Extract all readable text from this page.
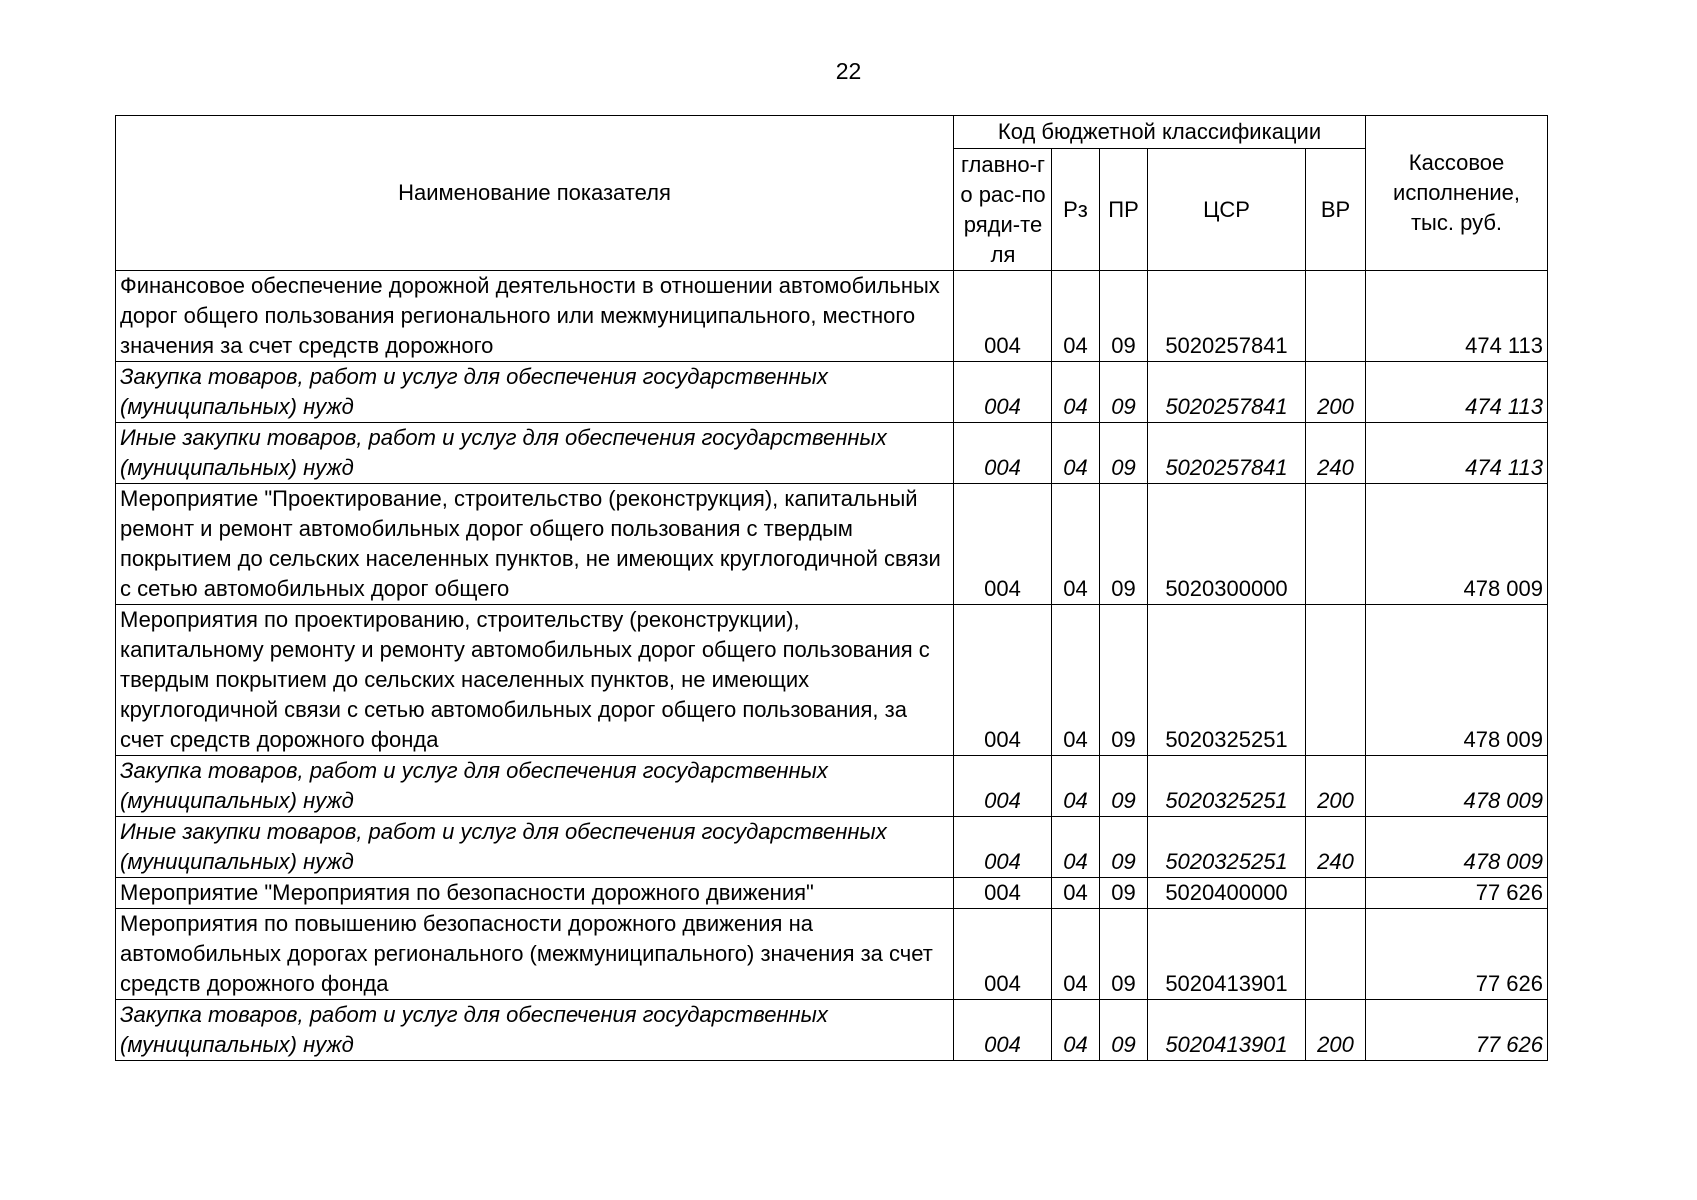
22
Наименование показателя	Код бюджетной классификации					Кассовое исполнение, тыс. руб.
	главно-го рас-поряди-теля	Рз	ПР	ЦСР	ВР	
Финансовое обеспечение дорожной деятельности в отношении автомобильных дорог общего пользования регионального или межмуниципального, местного значения за счет средств дорожного	004	04	09	5020257841		474 113
Закупка товаров, работ и услуг для обеспечения государственных (муниципальных) нужд	004	04	09	5020257841	200	474 113
Иные закупки товаров, работ и услуг для обеспечения государственных (муниципальных) нужд	004	04	09	5020257841	240	474 113
Мероприятие "Проектирование, строительство (реконструкция), капитальный ремонт и ремонт автомобильных дорог общего пользования с твердым покрытием до сельских населенных пунктов, не имеющих круглогодичной связи с сетью автомобильных дорог общего	004	04	09	5020300000		478 009
Мероприятия по проектированию, строительству (реконструкции), капитальному ремонту и ремонту автомобильных дорог общего пользования с твердым покрытием до сельских населенных пунктов, не имеющих круглогодичной связи с сетью автомобильных дорог общего пользования, за счет средств дорожного фонда	004	04	09	5020325251		478 009
Закупка товаров, работ и услуг для обеспечения государственных (муниципальных) нужд	004	04	09	5020325251	200	478 009
Иные закупки товаров, работ и услуг для обеспечения государственных (муниципальных) нужд	004	04	09	5020325251	240	478 009
Мероприятие "Мероприятия по безопасности дорожного движения"	004	04	09	5020400000		77 626
Мероприятия по повышению безопасности дорожного движения на автомобильных дорогах регионального (межмуниципального) значения за счет средств дорожного фонда	004	04	09	5020413901		77 626
Закупка товаров, работ и услуг для обеспечения государственных (муниципальных) нужд	004	04	09	5020413901	200	77 626
